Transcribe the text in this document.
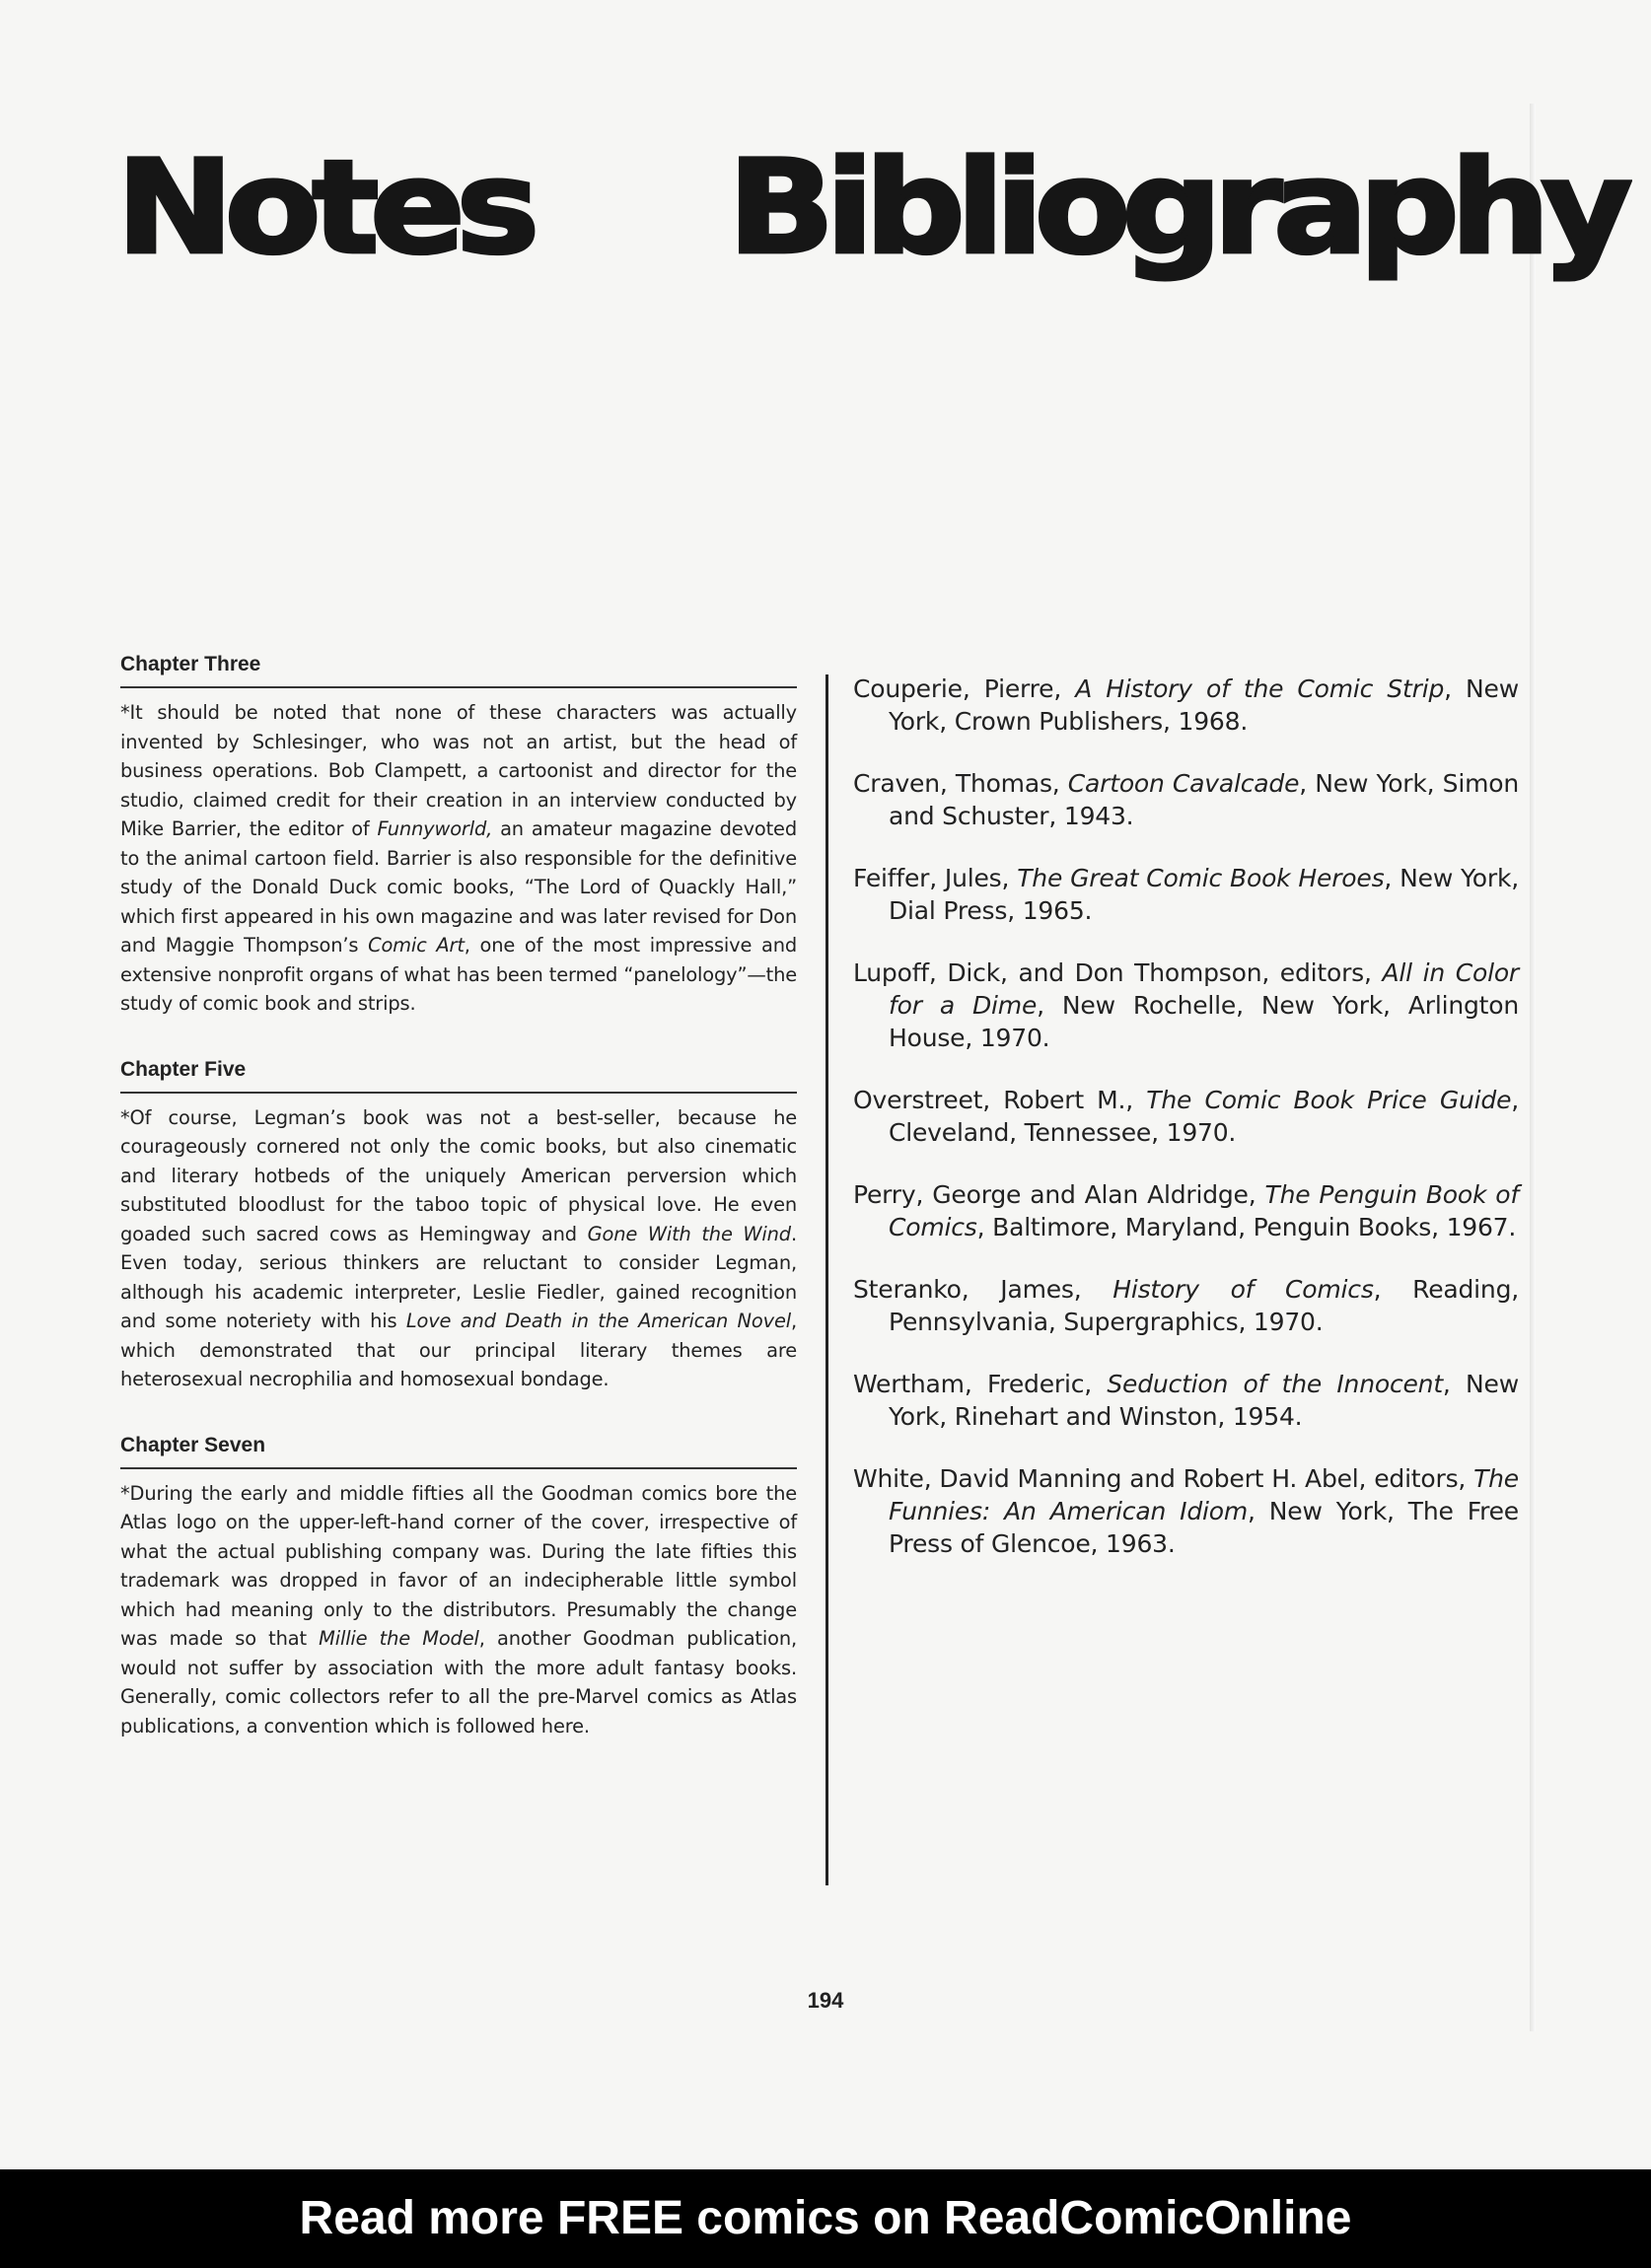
Notes Bibliography
Chapter Three

*It should be noted that none of these characters was actually invented by Schlesinger, who was not an artist, but the head of business operations. Bob Clampett, a cartoonist and director for the studio, claimed credit for their creation in an interview conducted by Mike Barrier, the editor of Funnyworld, an amateur magazine devoted to the animal cartoon field. Barrier is also responsible for the definitive study of the Donald Duck comic books, “The Lord of Quackly Hall,” which first appeared in his own magazine and was later revised for Don and Maggie Thompson’s Comic Art, one of the most impressive and extensive nonprofit organs of what has been termed “panelology”—the study of comic book and strips.

Chapter Five

*Of course, Legman’s book was not a best-seller, because he courageously cornered not only the comic books, but also cinematic and literary hotbeds of the uniquely American perversion which substituted bloodlust for the taboo topic of physical love. He even goaded such sacred cows as Hemingway and Gone With the Wind. Even today, serious thinkers are reluctant to consider Legman, although his academic interpreter, Leslie Fiedler, gained recognition and some noteriety with his Love and Death in the American Novel, which demonstrated that our principal literary themes are heterosexual necrophilia and homosexual bondage.

Chapter Seven

*During the early and middle fifties all the Goodman comics bore the Atlas logo on the upper-left-hand corner of the cover, irrespective of what the actual publishing company was. During the late fifties this trademark was dropped in favor of an indecipherable little symbol which had meaning only to the distributors. Presumably the change was made so that Millie the Model, another Goodman publication, would not suffer by association with the more adult fantasy books. Generally, comic collectors refer to all the pre-Marvel comics as Atlas publications, a convention which is followed here.

Couperie, Pierre, A History of the Comic Strip, New York, Crown Publishers, 1968.

Craven, Thomas, Cartoon Cavalcade, New York, Simon and Schuster, 1943.

Feiffer, Jules, The Great Comic Book Heroes, New York, Dial Press, 1965.

Lupoff, Dick, and Don Thompson, editors, All in Color for a Dime, New Rochelle, New York, Arlington House, 1970.

Overstreet, Robert M., The Comic Book Price Guide, Cleveland, Tennessee, 1970.

Perry, George and Alan Aldridge, The Penguin Book of Comics, Baltimore, Maryland, Penguin Books, 1967.

Steranko, James, History of Comics, Reading, Pennsylvania, Supergraphics, 1970.

Wertham, Frederic, Seduction of the Innocent, New York, Rinehart and Winston, 1954.

White, David Manning and Robert H. Abel, editors, The Funnies: An American Idiom, New York, The Free Press of Glencoe, 1963.

194
Read more FREE comics on ReadComicOnline
